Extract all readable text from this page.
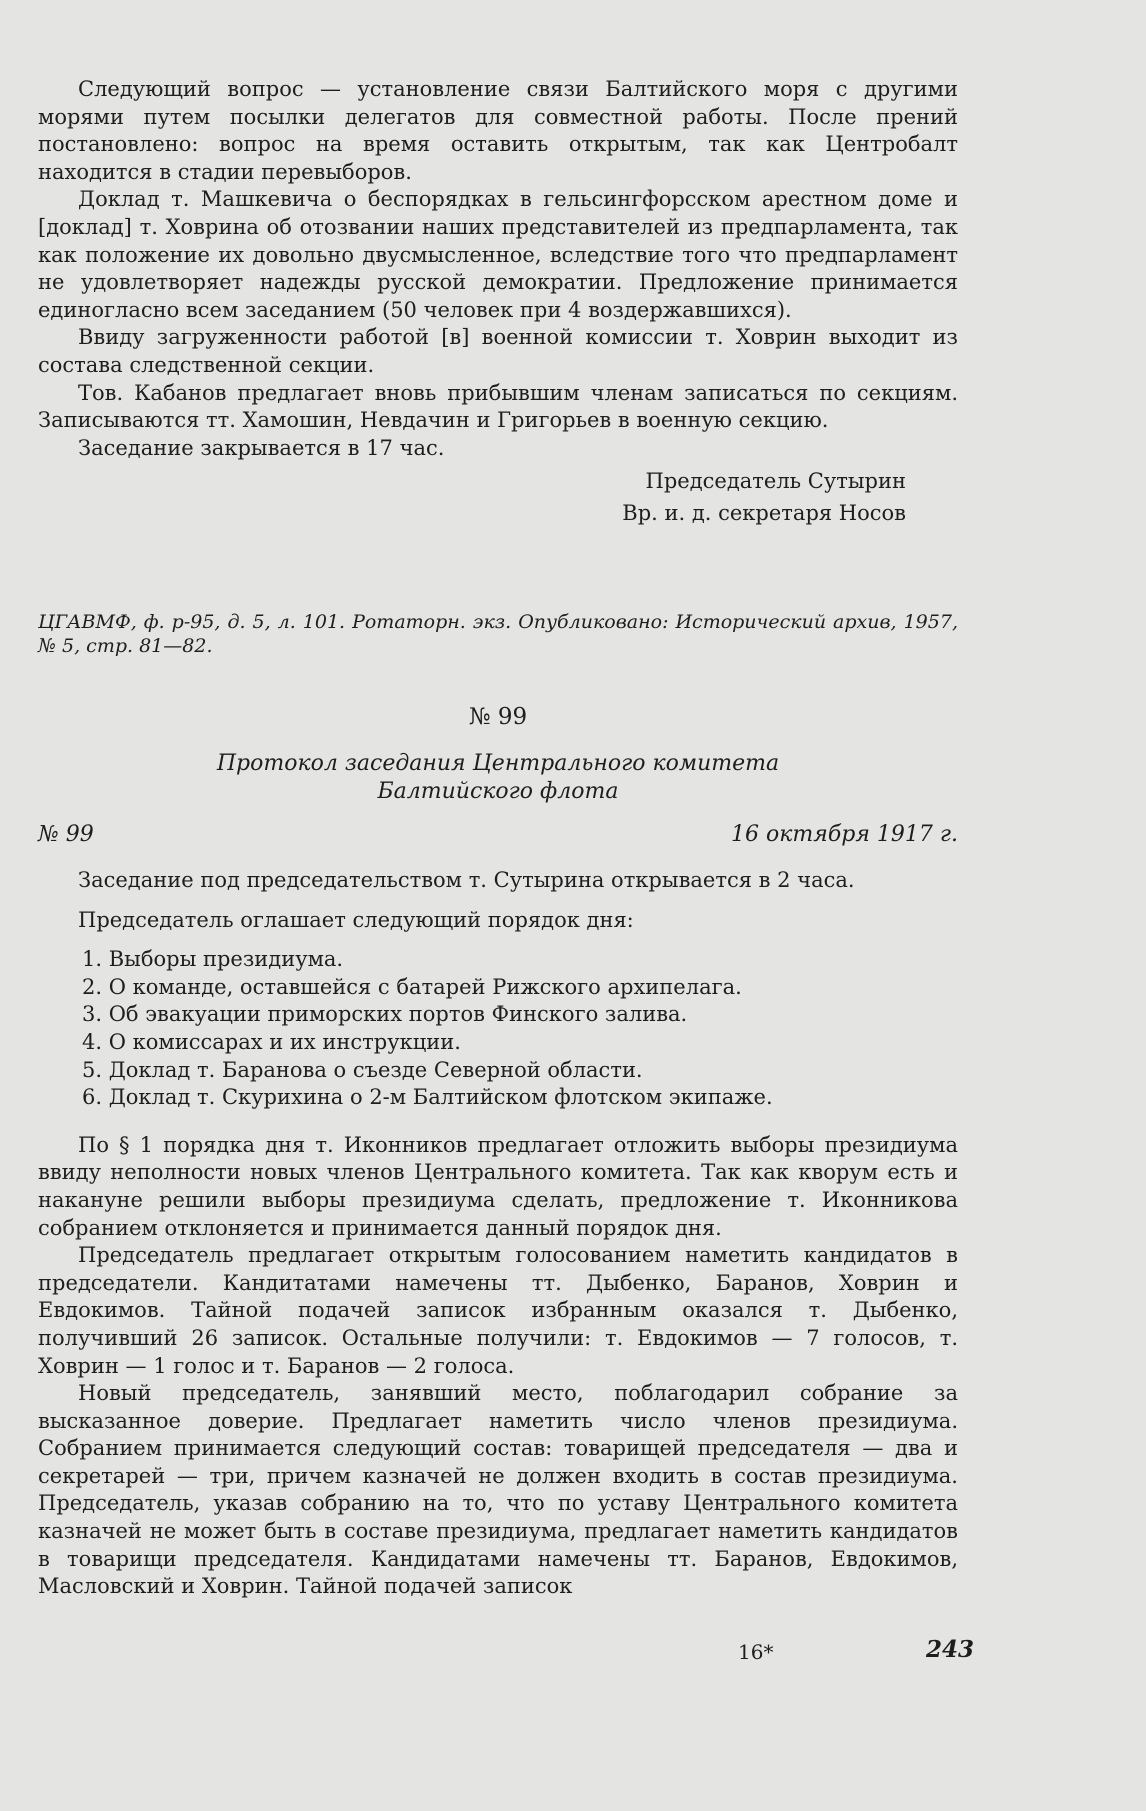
Следующий вопрос — установление связи Балтийского моря с другими морями путем посылки делегатов для совместной работы. После прений постановлено: вопрос на время оставить открытым, так как Центробалт находится в стадии перевыборов.

Доклад т. Машкевича о беспорядках в гельсингфорсском арестном доме и [доклад] т. Ховрина об отозвании наших представителей из предпарламента, так как положение их довольно двусмысленное, вследствие того что предпарламент не удовлетворяет надежды русской демократии. Предложение принимается единогласно всем заседанием (50 человек при 4 воздержавшихся).

Ввиду загруженности работой [в] военной комиссии т. Ховрин выходит из состава следственной секции.

Тов. Кабанов предлагает вновь прибывшим членам записаться по секциям. Записываются тт. Хамошин, Невдачин и Григорьев в военную секцию.

Заседание закрывается в 17 час.

Председатель Сутырин

Вр. и. д. секретаря Носов

ЦГАВМФ, ф. р-95, д. 5, л. 101. Ротаторн. экз. Опубликовано: Исторический архив, 1957, № 5, стр. 81—82.

№ 99

Протокол заседания Центрального комитета

Балтийского флота

№ 99	16 октября 1917 г.

Заседание под председательством т. Сутырина открывается в 2 часа.

Председатель оглашает следующий порядок дня:

1. Выборы президиума.
2. О команде, оставшейся с батарей Рижского архипелага.
3. Об эвакуации приморских портов Финского залива.
4. О комиссарах и их инструкции.
5. Доклад т. Баранова о съезде Северной области.
6. Доклад т. Скурихина о 2-м Балтийском флотском экипаже.

По § 1 порядка дня т. Иконников предлагает отложить выборы президиума ввиду неполности новых членов Центрального комитета. Так как кворум есть и накануне решили выборы президиума сделать, предложение т. Иконникова собранием отклоняется и принимается данный порядок дня.

Председатель предлагает открытым голосованием наметить кандидатов в председатели. Кандитатами намечены тт. Дыбенко, Баранов, Ховрин и Евдокимов. Тайной подачей записок избранным оказался т. Дыбенко, получивший 26 записок. Остальные получили: т. Евдокимов — 7 голосов, т. Ховрин — 1 голос и т. Баранов — 2 голоса.

Новый председатель, занявший место, поблагодарил собрание за высказанное доверие. Предлагает наметить число членов президиума. Собранием принимается следующий состав: товарищей председателя — два и секретарей — три, причем казначей не должен входить в состав президиума. Председатель, указав собранию на то, что по уставу Центрального комитета казначей не может быть в составе президиума, предлагает наметить кандидатов в товарищи председателя. Кандидатами намечены тт. Баранов, Евдокимов, Масловский и Ховрин. Тайной подачей записок

16*	243
